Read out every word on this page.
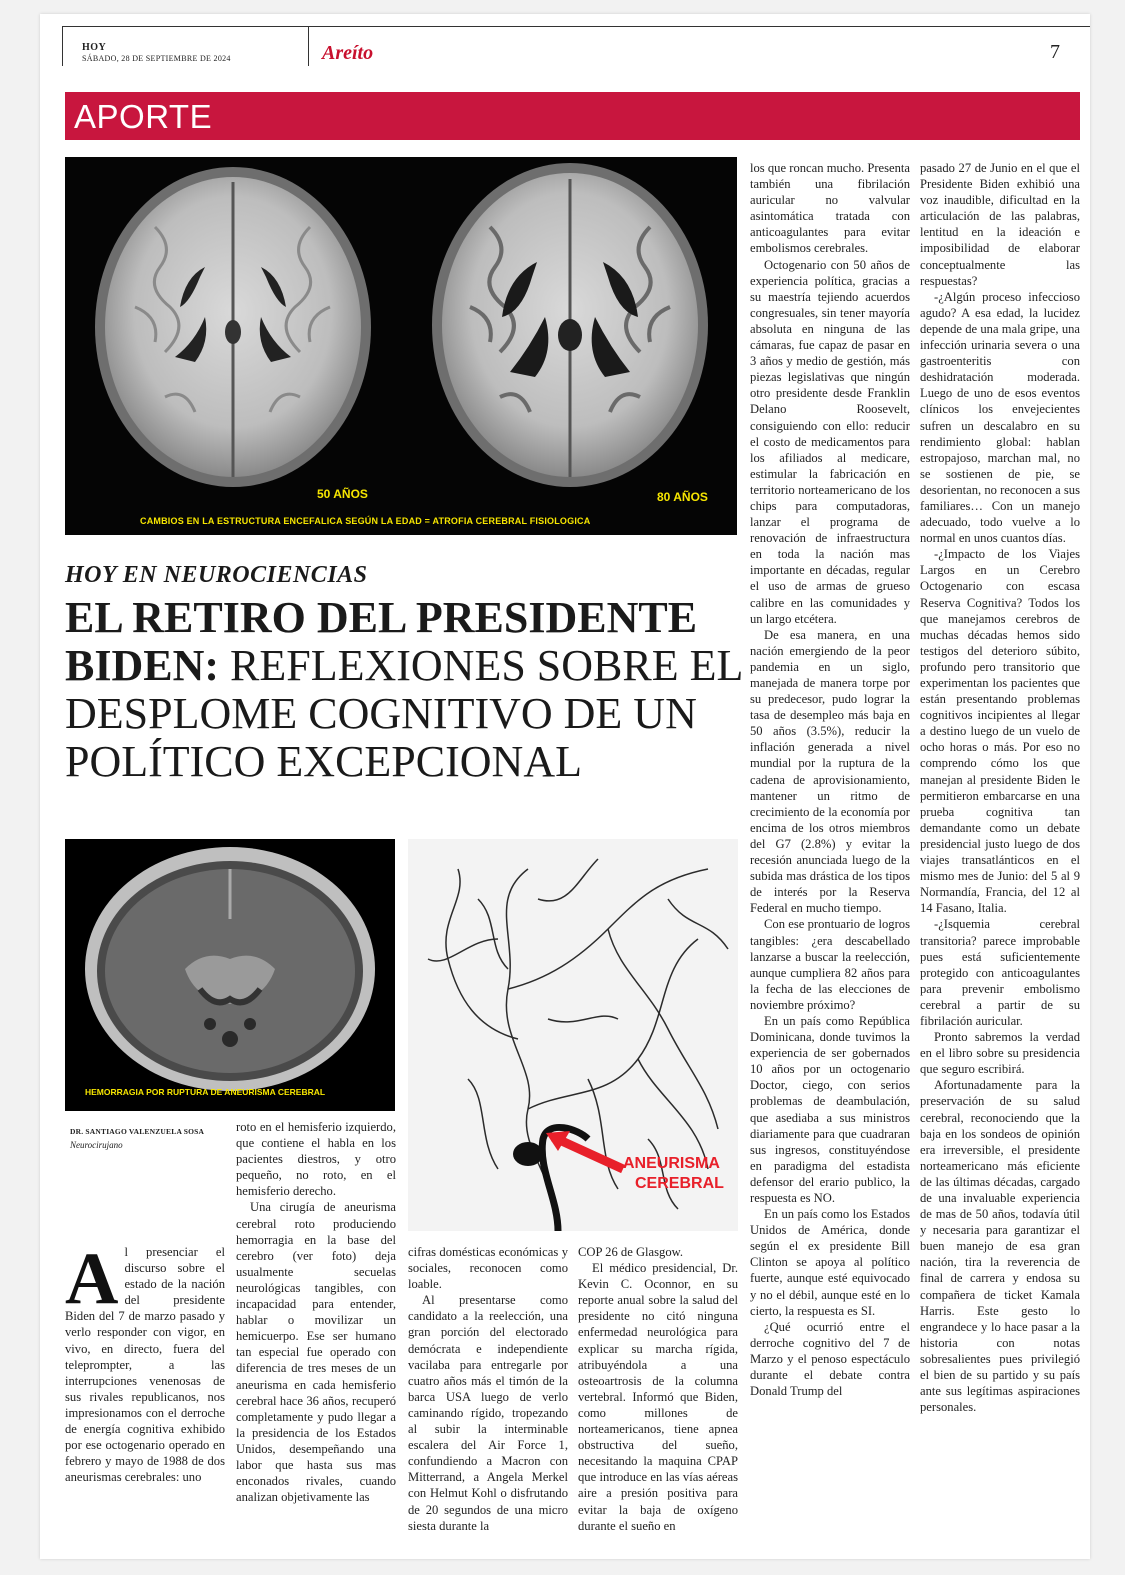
HOY
SÁBADO, 28 DE SEPTIEMBRE DE 2024	Areíto	7
APORTE
50 AÑOS	80 AÑOS
CAMBIOS EN LA ESTRUCTURA ENCEFALICA SEGÚN LA EDAD = ATROFIA CEREBRAL FISIOLOGICA
HOY EN NEUROCIENCIAS
EL RETIRO DEL PRESIDENTE BIDEN: REFLEXIONES SOBRE EL DESPLOME COGNITIVO DE UN POLÍTICO EXCEPCIONAL
HEMORRAGIA POR RUPTURA DE ANEURISMA CEREBRAL
ANEURISMA
CEREBRAL
DR. SANTIAGO VALENZUELA SOSA
Neurocirujano

Al presenciar el discurso sobre el estado de la nación del presidente Biden del 7 de marzo pasado y verlo responder con vigor, en vivo, en directo, fuera del teleprompter, a las interrupciones venenosas de sus rivales republicanos, nos impresionamos con el derroche de energía cognitiva exhibido por ese octogenario operado en febrero y mayo de 1988 de dos aneurismas cerebrales: uno

roto en el hemisferio izquierdo, que contiene el habla en los pacientes diestros, y otro pequeño, no roto, en el hemisferio derecho.

Una cirugía de aneurisma cerebral roto produciendo hemorragia en la base del cerebro (ver foto) deja usualmente secuelas neurológicas tangibles, con incapacidad para entender, hablar o movilizar un hemicuerpo. Ese ser humano tan especial fue operado con diferencia de tres meses de un aneurisma en cada hemisferio cerebral hace 36 años, recuperó completamente y pudo llegar a la presidencia de los Estados Unidos, desempeñando una labor que hasta sus mas enconados rivales, cuando analizan objetivamente las

cifras domésticas económicas y sociales, reconocen como loable.

Al presentarse como candidato a la reelección, una gran porción del electorado demócrata e independiente vacilaba para entregarle por cuatro años más el timón de la barca USA luego de verlo caminando rígido, tropezando al subir la interminable escalera del Air Force 1, confundiendo a Macron con Mitterrand, a Angela Merkel con Helmut Kohl o disfrutando de 20 segundos de una micro siesta durante la

COP 26 de Glasgow.

El médico presidencial, Dr. Kevin C. Oconnor, en su reporte anual sobre la salud del presidente no citó ninguna enfermedad neurológica para explicar su marcha rígida, atribuyéndola a una osteoartrosis de la columna vertebral. Informó que Biden, como millones de norteamericanos, tiene apnea obstructiva del sueño, necesitando la maquina CPAP que introduce en las vías aéreas aire a presión positiva para evitar la baja de oxígeno durante el sueño en

los que roncan mucho. Presenta también una fibrilación auricular no valvular asintomática tratada con anticoagulantes para evitar embolismos cerebrales.

Octogenario con 50 años de experiencia política, gracias a su maestría tejiendo acuerdos congresuales, sin tener mayoría absoluta en ninguna de las cámaras, fue capaz de pasar en 3 años y medio de gestión, más piezas legislativas que ningún otro presidente desde Franklin Delano Roosevelt, consiguiendo con ello: reducir el costo de medicamentos para los afiliados al medicare, estimular la fabricación en territorio norteamericano de los chips para computadoras, lanzar el programa de renovación de infraestructura en toda la nación mas importante en décadas, regular el uso de armas de grueso calibre en las comunidades y un largo etcétera.

De esa manera, en una nación emergiendo de la peor pandemia en un siglo, manejada de manera torpe por su predecesor, pudo lograr la tasa de desempleo más baja en 50 años (3.5%), reducir la inflación generada a nivel mundial por la ruptura de la cadena de aprovisionamiento, mantener un ritmo de crecimiento de la economía por encima de los otros miembros del G7 (2.8%) y evitar la recesión anunciada luego de la subida mas drástica de los tipos de interés por la Reserva Federal en mucho tiempo.

Con ese prontuario de logros tangibles: ¿era descabellado lanzarse a buscar la reelección, aunque cumpliera 82 años para la fecha de las elecciones de noviembre próximo?

En un país como República Dominicana, donde tuvimos la experiencia de ser gobernados 10 años por un octogenario Doctor, ciego, con serios problemas de deambulación, que asediaba a sus ministros diariamente para que cuadraran sus ingresos, constituyéndose en paradigma del estadista defensor del erario publico, la respuesta es NO.

En un país como los Estados Unidos de América, donde según el ex presidente Bill Clinton se apoya al político fuerte, aunque esté equivocado y no el débil, aunque esté en lo cierto, la respuesta es SI.

¿Qué ocurrió entre el derroche cognitivo del 7 de Marzo y el penoso espectáculo durante el debate contra Donald Trump del

pasado 27 de Junio en el que el Presidente Biden exhibió una voz inaudible, dificultad en la articulación de las palabras, lentitud en la ideación e imposibilidad de elaborar conceptualmente las respuestas?

-¿Algún proceso infeccioso agudo? A esa edad, la lucidez depende de una mala gripe, una infección urinaria severa o una gastroenteritis con deshidratación moderada. Luego de uno de esos eventos clínicos los envejecientes sufren un descalabro en su rendimiento global: hablan estropajoso, marchan mal, no se sostienen de pie, se desorientan, no reconocen a sus familiares… Con un manejo adecuado, todo vuelve a lo normal en unos cuantos días.

-¿Impacto de los Viajes Largos en un Cerebro Octogenario con escasa Reserva Cognitiva? Todos los que manejamos cerebros de muchas décadas hemos sido testigos del deterioro súbito, profundo pero transitorio que experimentan los pacientes que están presentando problemas cognitivos incipientes al llegar a destino luego de un vuelo de ocho horas o más. Por eso no comprendo cómo los que manejan al presidente Biden le permitieron embarcarse en una prueba cognitiva tan demandante como un debate presidencial justo luego de dos viajes transatlánticos en el mismo mes de Junio: del 5 al 9 Normandía, Francia, del 12 al 14 Fasano, Italia.

-¿Isquemia cerebral transitoria? parece improbable pues está suficientemente protegido con anticoagulantes para prevenir embolismo cerebral a partir de su fibrilación auricular.

Pronto sabremos la verdad en el libro sobre su presidencia que seguro escribirá.

Afortunadamente para la preservación de su salud cerebral, reconociendo que la baja en los sondeos de opinión era irreversible, el presidente norteamericano más eficiente de las últimas décadas, cargado de una invaluable experiencia de mas de 50 años, todavía útil y necesaria para garantizar el buen manejo de esa gran nación, tira la reverencia de final de carrera y endosa su compañera de ticket Kamala Harris. Este gesto lo engrandece y lo hace pasar a la historia con notas sobresalientes pues privilegió el bien de su partido y su país ante sus legítimas aspiraciones personales.
